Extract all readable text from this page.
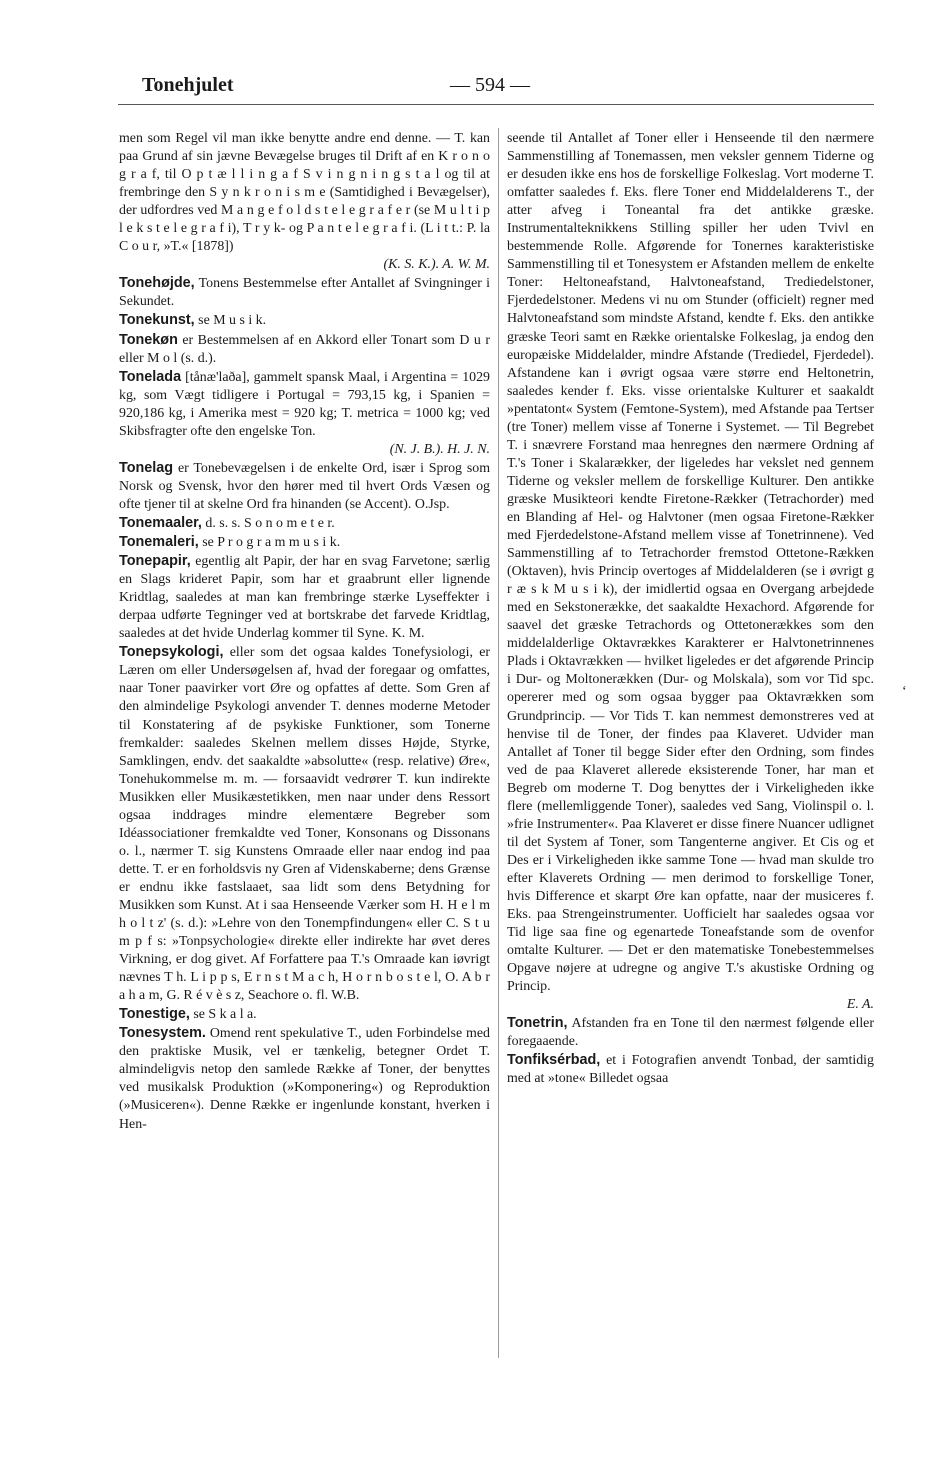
Tonehjulet	— 594 —

men som Regel vil man ikke benytte andre end denne. — T. kan paa Grund af sin jævne Bevægelse bruges til Drift af en K r o n o g r a f, til O p t æ l l i n g a f S v i n g n i n g s t a l og til at frembringe den S y n k r o n i s m e (Samtidighed i Bevægelser), der udfordres ved M a n g e f o l d s t e l e g r a f e r (se M u l t i p l e k s t e l e g r a f i), T r y k- og P a n t e l e g r a f i. (L i t t.: P. la C o u r, »T.« [1878])
(K. S. K.). A. W. M.

Tonehøjde, Tonens Bestemmelse efter Antallet af Svingninger i Sekundet.

Tonekunst, se M u s i k.

Tonekøn er Bestemmelsen af en Akkord eller Tonart som D u r eller M o l (s. d.).

Tonelada [tånæ'laða], gammelt spansk Maal, i Argentina = 1029 kg, som Vægt tidligere i Portugal = 793,15 kg, i Spanien = 920,186 kg, i Amerika mest = 920 kg; T. metrica = 1000 kg; ved Skibsfragter ofte den engelske Ton.
(N. J. B.). H. J. N.

Tonelag er Tonebevægelsen i de enkelte Ord, især i Sprog som Norsk og Svensk, hvor den hører med til hvert Ords Væsen og ofte tjener til at skelne Ord fra hinanden (se Accent). O.Jsp.

Tonemaaler, d. s. s. S o n o m e t e r.

Tonemaleri, se P r o g r a m m u s i k.

Tonepapir, egentlig alt Papir, der har en svag Farvetone; særlig en Slags krideret Papir, som har et graabrunt eller lignende Kridtlag, saaledes at man kan frembringe stærke Lyseffekter i derpaa udførte Tegninger ved at bortskrabe det farvede Kridtlag, saaledes at det hvide Underlag kommer til Syne. K. M.

Tonepsykologi, eller som det ogsaa kaldes Tonefysiologi, er Læren om eller Undersøgelsen af, hvad der foregaar og omfattes, naar Toner paavirker vort Øre og opfattes af dette. Som Gren af den almindelige Psykologi anvender T. dennes moderne Metoder til Konstatering af de psykiske Funktioner, som Tonerne fremkalder: saaledes Skelnen mellem disses Højde, Styrke, Samklingen, endv. det saakaldte »absolutte« (resp. relative) Øre«, Tonehukommelse m. m. — forsaavidt vedrører T. kun indirekte Musikken eller Musikæstetikken, men naar under dens Ressort ogsaa inddrages mindre elementære Begreber som Idéassociationer fremkaldte ved Toner, Konsonans og Dissonans o. l., nærmer T. sig Kunstens Omraade eller naar endog ind paa dette. T. er en forholdsvis ny Gren af Videnskaberne; dens Grænse er endnu ikke fastslaaet, saa lidt som dens Betydning for Musikken som Kunst. At i saa Henseende Værker som H. H e l m h o l t z' (s. d.): »Lehre von den Tonempfindungen« eller C. S t u m p f s: »Tonpsychologie« direkte eller indirekte har øvet deres Virkning, er dog givet. Af Forfattere paa T.'s Omraade kan iøvrigt nævnes T h. L i p p s, E r n s t M a c h, H o r n b o s t e l, O. A b r a h a m, G. R é v è s z, Seachore o. fl. W.B.

Tonestige, se S k a l a.

Tonesystem. Omend rent spekulative T., uden Forbindelse med den praktiske Musik, vel er tænkelig, betegner Ordet T. almindeligvis netop den samlede Række af Toner, der benyttes ved musikalsk Produktion (»Komponering«) og Reproduktion (»Musiceren«). Denne Række er ingenlunde konstant, hverken i Hen-

seende til Antallet af Toner eller i Henseende til den nærmere Sammenstilling af Tonemassen, men veksler gennem Tiderne og er desuden ikke ens hos de forskellige Folkeslag. Vort moderne T. omfatter saaledes f. Eks. flere Toner end Middelalderens T., der atter afveg i Toneantal fra det antikke græske. Instrumentalteknikkens Stilling spiller her uden Tvivl en bestemmende Rolle. Afgørende for Tonernes karakteristiske Sammenstilling til et Tonesystem er Afstanden mellem de enkelte Toner: Heltoneafstand, Halvtoneafstand, Trediedelstoner, Fjerdedelstoner. Medens vi nu om Stunder (officielt) regner med Halvtoneafstand som mindste Afstand, kendte f. Eks. den antikke græske Teori samt en Række orientalske Folkeslag, ja endog den europæiske Middelalder, mindre Afstande (Trediedel, Fjerdedel). Afstandene kan i øvrigt ogsaa være større end Heltonetrin, saaledes kender f. Eks. visse orientalske Kulturer et saakaldt »pentatont« System (Femtone-System), med Afstande paa Tertser (tre Toner) mellem visse af Tonerne i Systemet. — Til Begrebet T. i snævrere Forstand maa henregnes den nærmere Ordning af T.'s Toner i Skalarækker, der ligeledes har vekslet ned gennem Tiderne og veksler mellem de forskellige Kulturer. Den antikke græske Musikteori kendte Firetone-Rækker (Tetrachorder) med en Blanding af Hel- og Halvtoner (men ogsaa Firetone-Rækker med Fjerdedelstone-Afstand mellem visse af Tonetrinnene). Ved Sammenstilling af to Tetrachorder fremstod Ottetone-Rækken (Oktaven), hvis Princip overtoges af Middelalderen (se i øvrigt g r æ s k M u s i k), der imidlertid ogsaa en Overgang arbejdede med en Sekstonerække, det saakaldte Hexachord. Afgørende for saavel det græske Tetrachords og Ottetonerækkes som den middelalderlige Oktavrækkes Karakterer er Halvtonetrinnenes Plads i Oktavrækken — hvilket ligeledes er det afgørende Princip i Dur- og Moltonerækken (Dur- og Molskala), som vor Tid spc. opererer med og som ogsaa bygger paa Oktavrækken som Grundprincip. — Vor Tids T. kan nemmest demonstreres ved at henvise til de Toner, der findes paa Klaveret. Udvider man Antallet af Toner til begge Sider efter den Ordning, som findes ved de paa Klaveret allerede eksisterende Toner, har man et Begreb om moderne T. Dog benyttes der i Virkeligheden ikke flere (mellemliggende Toner), saaledes ved Sang, Violinspil o. l. »frie Instrumenter«. Paa Klaveret er disse finere Nuancer udlignet til det System af Toner, som Tangenterne angiver. Et Cis og et Des er i Virkeligheden ikke samme Tone — hvad man skulde tro efter Klaverets Ordning — men derimod to forskellige Toner, hvis Difference et skarpt Øre kan opfatte, naar der musiceres f. Eks. paa Strengeinstrumenter. Uofficielt har saaledes ogsaa vor Tid lige saa fine og egenartede Toneafstande som de ovenfor omtalte Kulturer. — Det er den matematiske Tonebestemmelses Opgave nøjere at udregne og angive T.'s akustiske Ordning og Princip.
E. A.

Tonetrin, Afstanden fra en Tone til den nærmest følgende eller foregaaende.

Tonfiksérbad, et i Fotografien anvendt Tonbad, der samtidig med at »tone« Billedet ogsaa

‘
